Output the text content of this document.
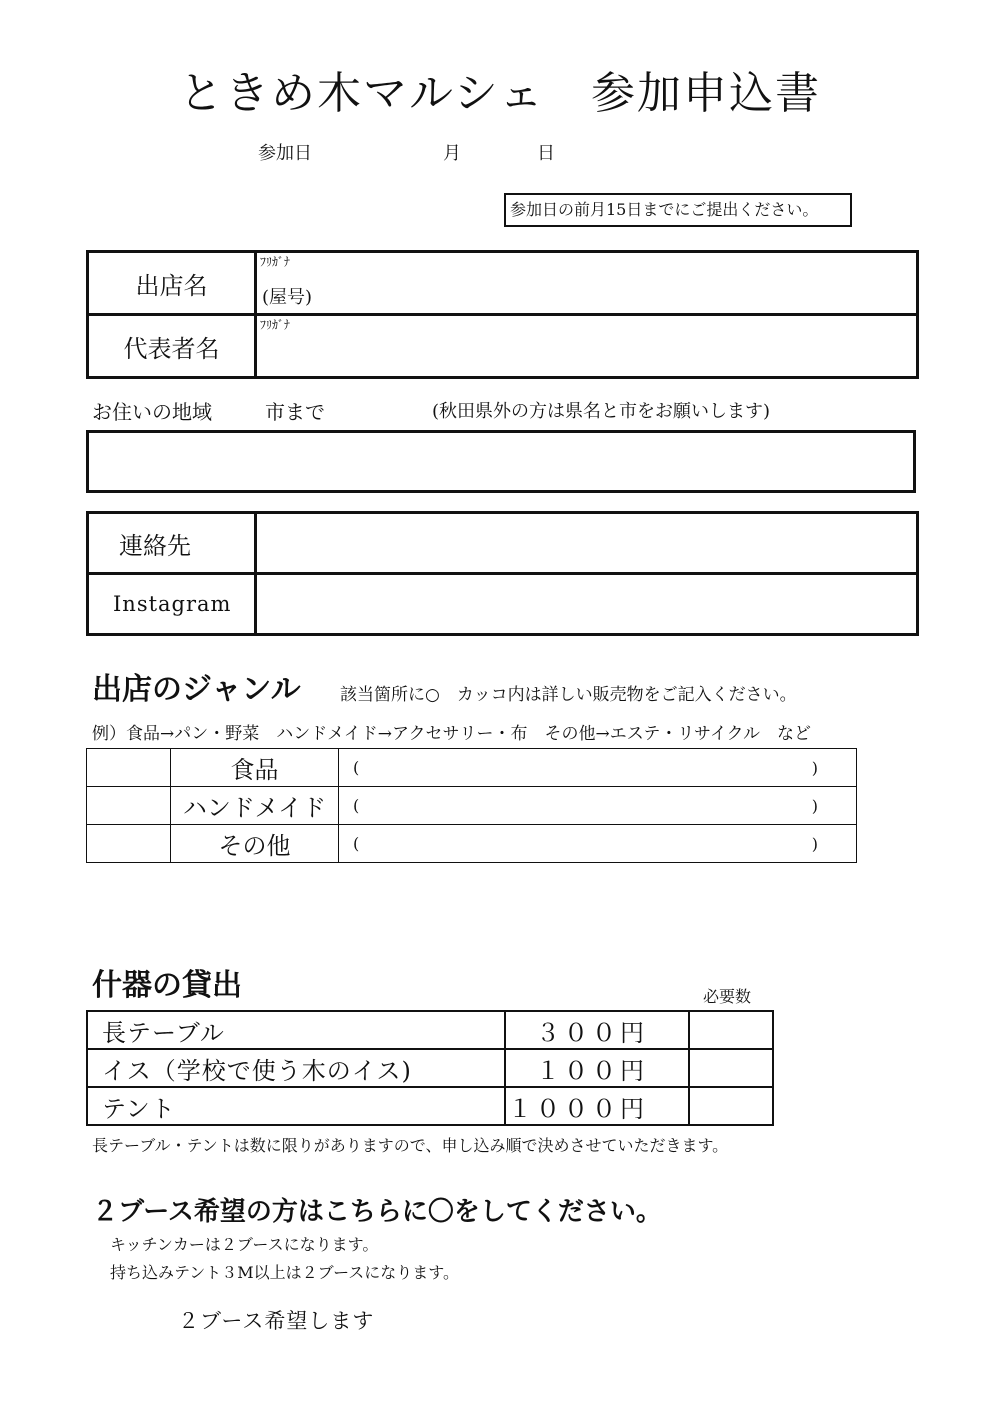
ときめ木マルシェ　参加申込書
参加日	月	日
参加日の前月15日までにご提出ください。
出店名	ﾌﾘｶﾞﾅ
(屋号)

代表者名	ﾌﾘｶﾞﾅ
お住いの地域	市まで	(秋田県外の方は県名と市をお願いします)
連絡先	
Instagram	
出店のジャンル 該当箇所に○　カッコ内は詳しい販売物をご記入ください。
例）食品→パン・野菜　ハンドメイド→アクセサリー・布　その他→エステ・リサイクル　など
	食品	( )

	ハンドメイド	( )

	その他	( )
什器の貸出	必要数
長テーブル	３００円	
イス（学校で使う木のイス)	１００円	
テント	１０００円	
長テーブル・テントは数に限りがありますので、申し込み順で決めさせていただきます。
２ブース希望の方はこちらに〇をしてください。
キッチンカーは２ブースになります。
持ち込みテント３M以上は２ブースになります。
２ブース希望します
